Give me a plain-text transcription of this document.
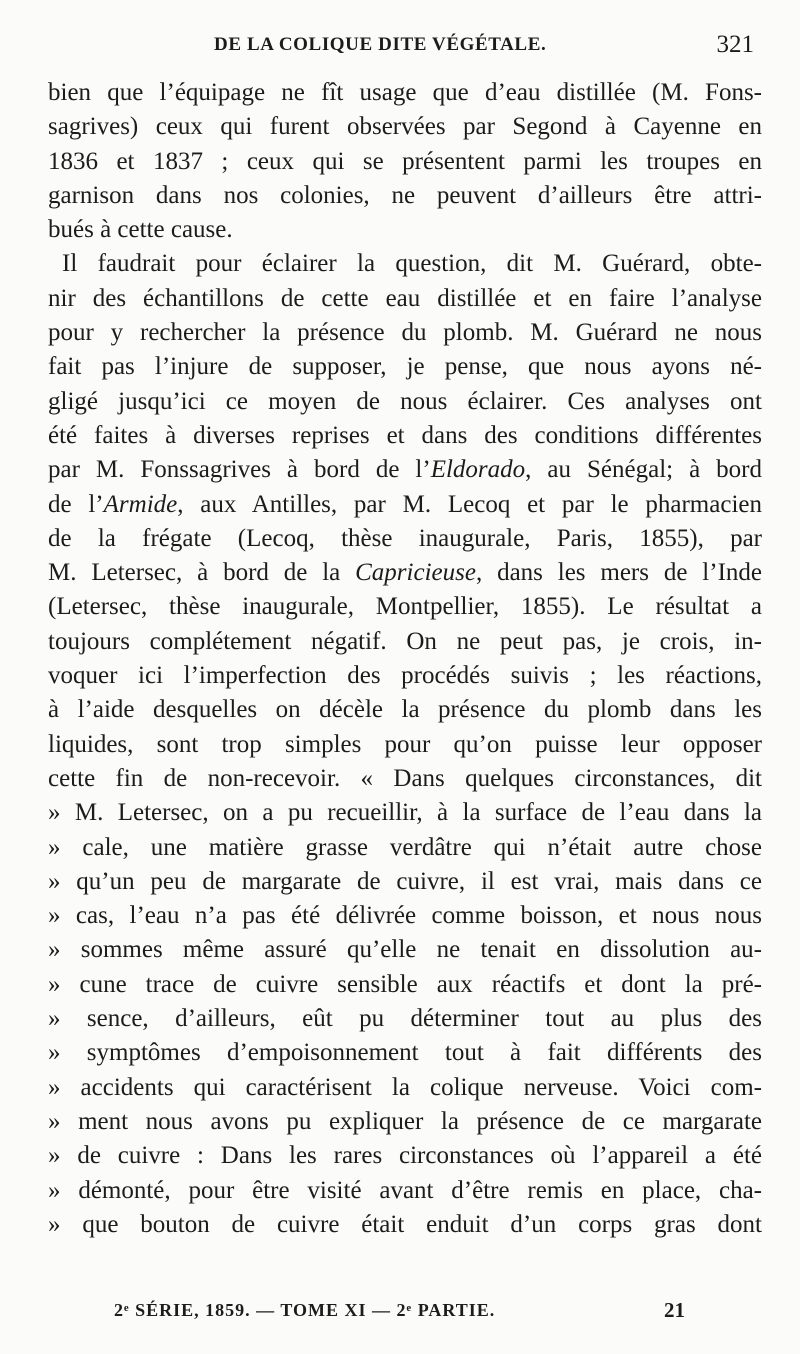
DE LA COLIQUE DITE VÉGÉTALE.	321
bien que l’équipage ne fît usage que d’eau distillée (M. Fons-
sagrives) ceux qui furent observées par Segond à Cayenne en
1836 et 1837 ; ceux qui se présentent parmi les troupes en
garnison dans nos colonies, ne peuvent d’ailleurs être attri-
bués à cette cause.
Il faudrait pour éclairer la question, dit M. Guérard, obte-
nir des échantillons de cette eau distillée et en faire l’analyse
pour y rechercher la présence du plomb. M. Guérard ne nous
fait pas l’injure de supposer, je pense, que nous ayons né-
gligé jusqu’ici ce moyen de nous éclairer. Ces analyses ont
été faites à diverses reprises et dans des conditions différentes
par M. Fonssagrives à bord de l’Eldorado, au Sénégal; à bord
de l’Armide, aux Antilles, par M. Lecoq et par le pharmacien
de la frégate (Lecoq, thèse inaugurale, Paris, 1855), par
M. Letersec, à bord de la Capricieuse, dans les mers de l’Inde
(Letersec, thèse inaugurale, Montpellier, 1855). Le résultat a
toujours complétement négatif. On ne peut pas, je crois, in-
voquer ici l’imperfection des procédés suivis ; les réactions,
à l’aide desquelles on décèle la présence du plomb dans les
liquides, sont trop simples pour qu’on puisse leur opposer
cette fin de non-recevoir. « Dans quelques circonstances, dit
» M. Letersec, on a pu recueillir, à la surface de l’eau dans la
» cale, une matière grasse verdâtre qui n’était autre chose
» qu’un peu de margarate de cuivre, il est vrai, mais dans ce
» cas, l’eau n’a pas été délivrée comme boisson, et nous nous
» sommes même assuré qu’elle ne tenait en dissolution au-
» cune trace de cuivre sensible aux réactifs et dont la pré-
» sence, d’ailleurs, eût pu déterminer tout au plus des
» symptômes d’empoisonnement tout à fait différents des
» accidents qui caractérisent la colique nerveuse. Voici com-
» ment nous avons pu expliquer la présence de ce margarate
» de cuivre : Dans les rares circonstances où l’appareil a été
» démonté, pour être visité avant d’être remis en place, cha-
» que bouton de cuivre était enduit d’un corps gras dont
2ᵉ SÉRIE, 1859. — TOME XI — 2ᵉ PARTIE.	21
